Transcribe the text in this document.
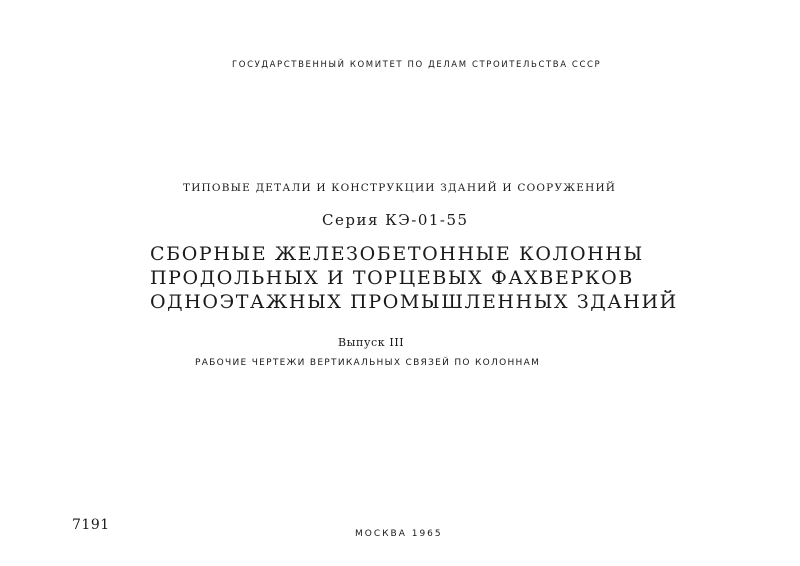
ГОСУДАРСТВЕННЫЙ КОМИТЕТ ПО ДЕЛАМ СТРОИТЕЛЬСТВА СССР
ТИПОВЫЕ ДЕТАЛИ И КОНСТРУКЦИИ ЗДАНИЙ И СООРУЖЕНИЙ
Серия КЭ-01-55
СБОРНЫЕ ЖЕЛЕЗОБЕТОННЫЕ КОЛОННЫ
ПРОДОЛЬНЫХ И ТОРЦЕВЫХ ФАХВЕРКОВ
ОДНОЭТАЖНЫХ ПРОМЫШЛЕННЫХ ЗДАНИЙ
Выпуск III
РАБОЧИЕ ЧЕРТЕЖИ ВЕРТИКАЛЬНЫХ СВЯЗЕЙ ПО КОЛОННАМ
7191
МОСКВА 1965
